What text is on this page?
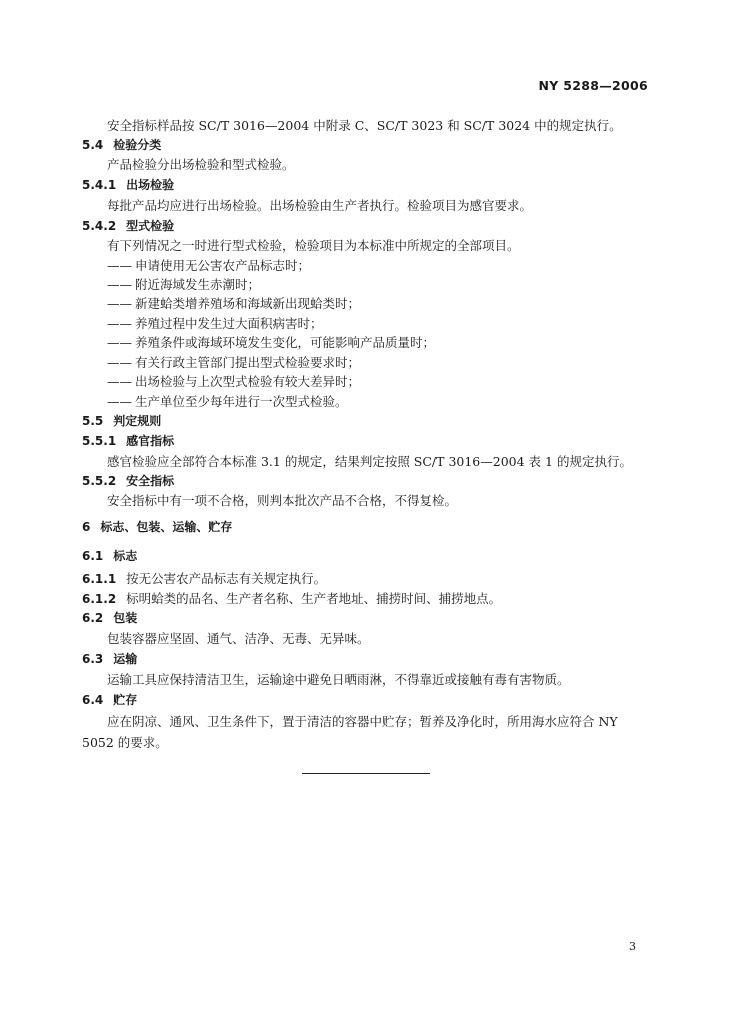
NY 5288—2006
安全指标样品按 SC/T 3016—2004 中附录 C、SC/T 3023 和 SC/T 3024 中的规定执行。
5.4 检验分类
产品检验分出场检验和型式检验。
5.4.1 出场检验
每批产品均应进行出场检验。出场检验由生产者执行。检验项目为感官要求。
5.4.2 型式检验
有下列情况之一时进行型式检验，检验项目为本标准中所规定的全部项目。
—— 申请使用无公害农产品标志时；
—— 附近海域发生赤潮时；
—— 新建蛤类增养殖场和海域新出现蛤类时；
—— 养殖过程中发生过大面积病害时；
—— 养殖条件或海域环境发生变化，可能影响产品质量时；
—— 有关行政主管部门提出型式检验要求时；
—— 出场检验与上次型式检验有较大差异时；
—— 生产单位至少每年进行一次型式检验。
5.5 判定规则
5.5.1 感官指标
感官检验应全部符合本标准 3.1 的规定，结果判定按照 SC/T 3016—2004 表 1 的规定执行。
5.5.2 安全指标
安全指标中有一项不合格，则判本批次产品不合格，不得复检。
6 标志、包装、运输、贮存
6.1 标志
6.1.1 按无公害农产品标志有关规定执行。
6.1.2 标明蛤类的品名、生产者名称、生产者地址、捕捞时间、捕捞地点。
6.2 包装
包装容器应坚固、通气、洁净、无毒、无异味。
6.3 运输
运输工具应保持清洁卫生，运输途中避免日晒雨淋，不得靠近或接触有毒有害物质。
6.4 贮存
应在阴凉、通风、卫生条件下，置于清洁的容器中贮存；暂养及净化时，所用海水应符合 NY 5052 的要求。
3
